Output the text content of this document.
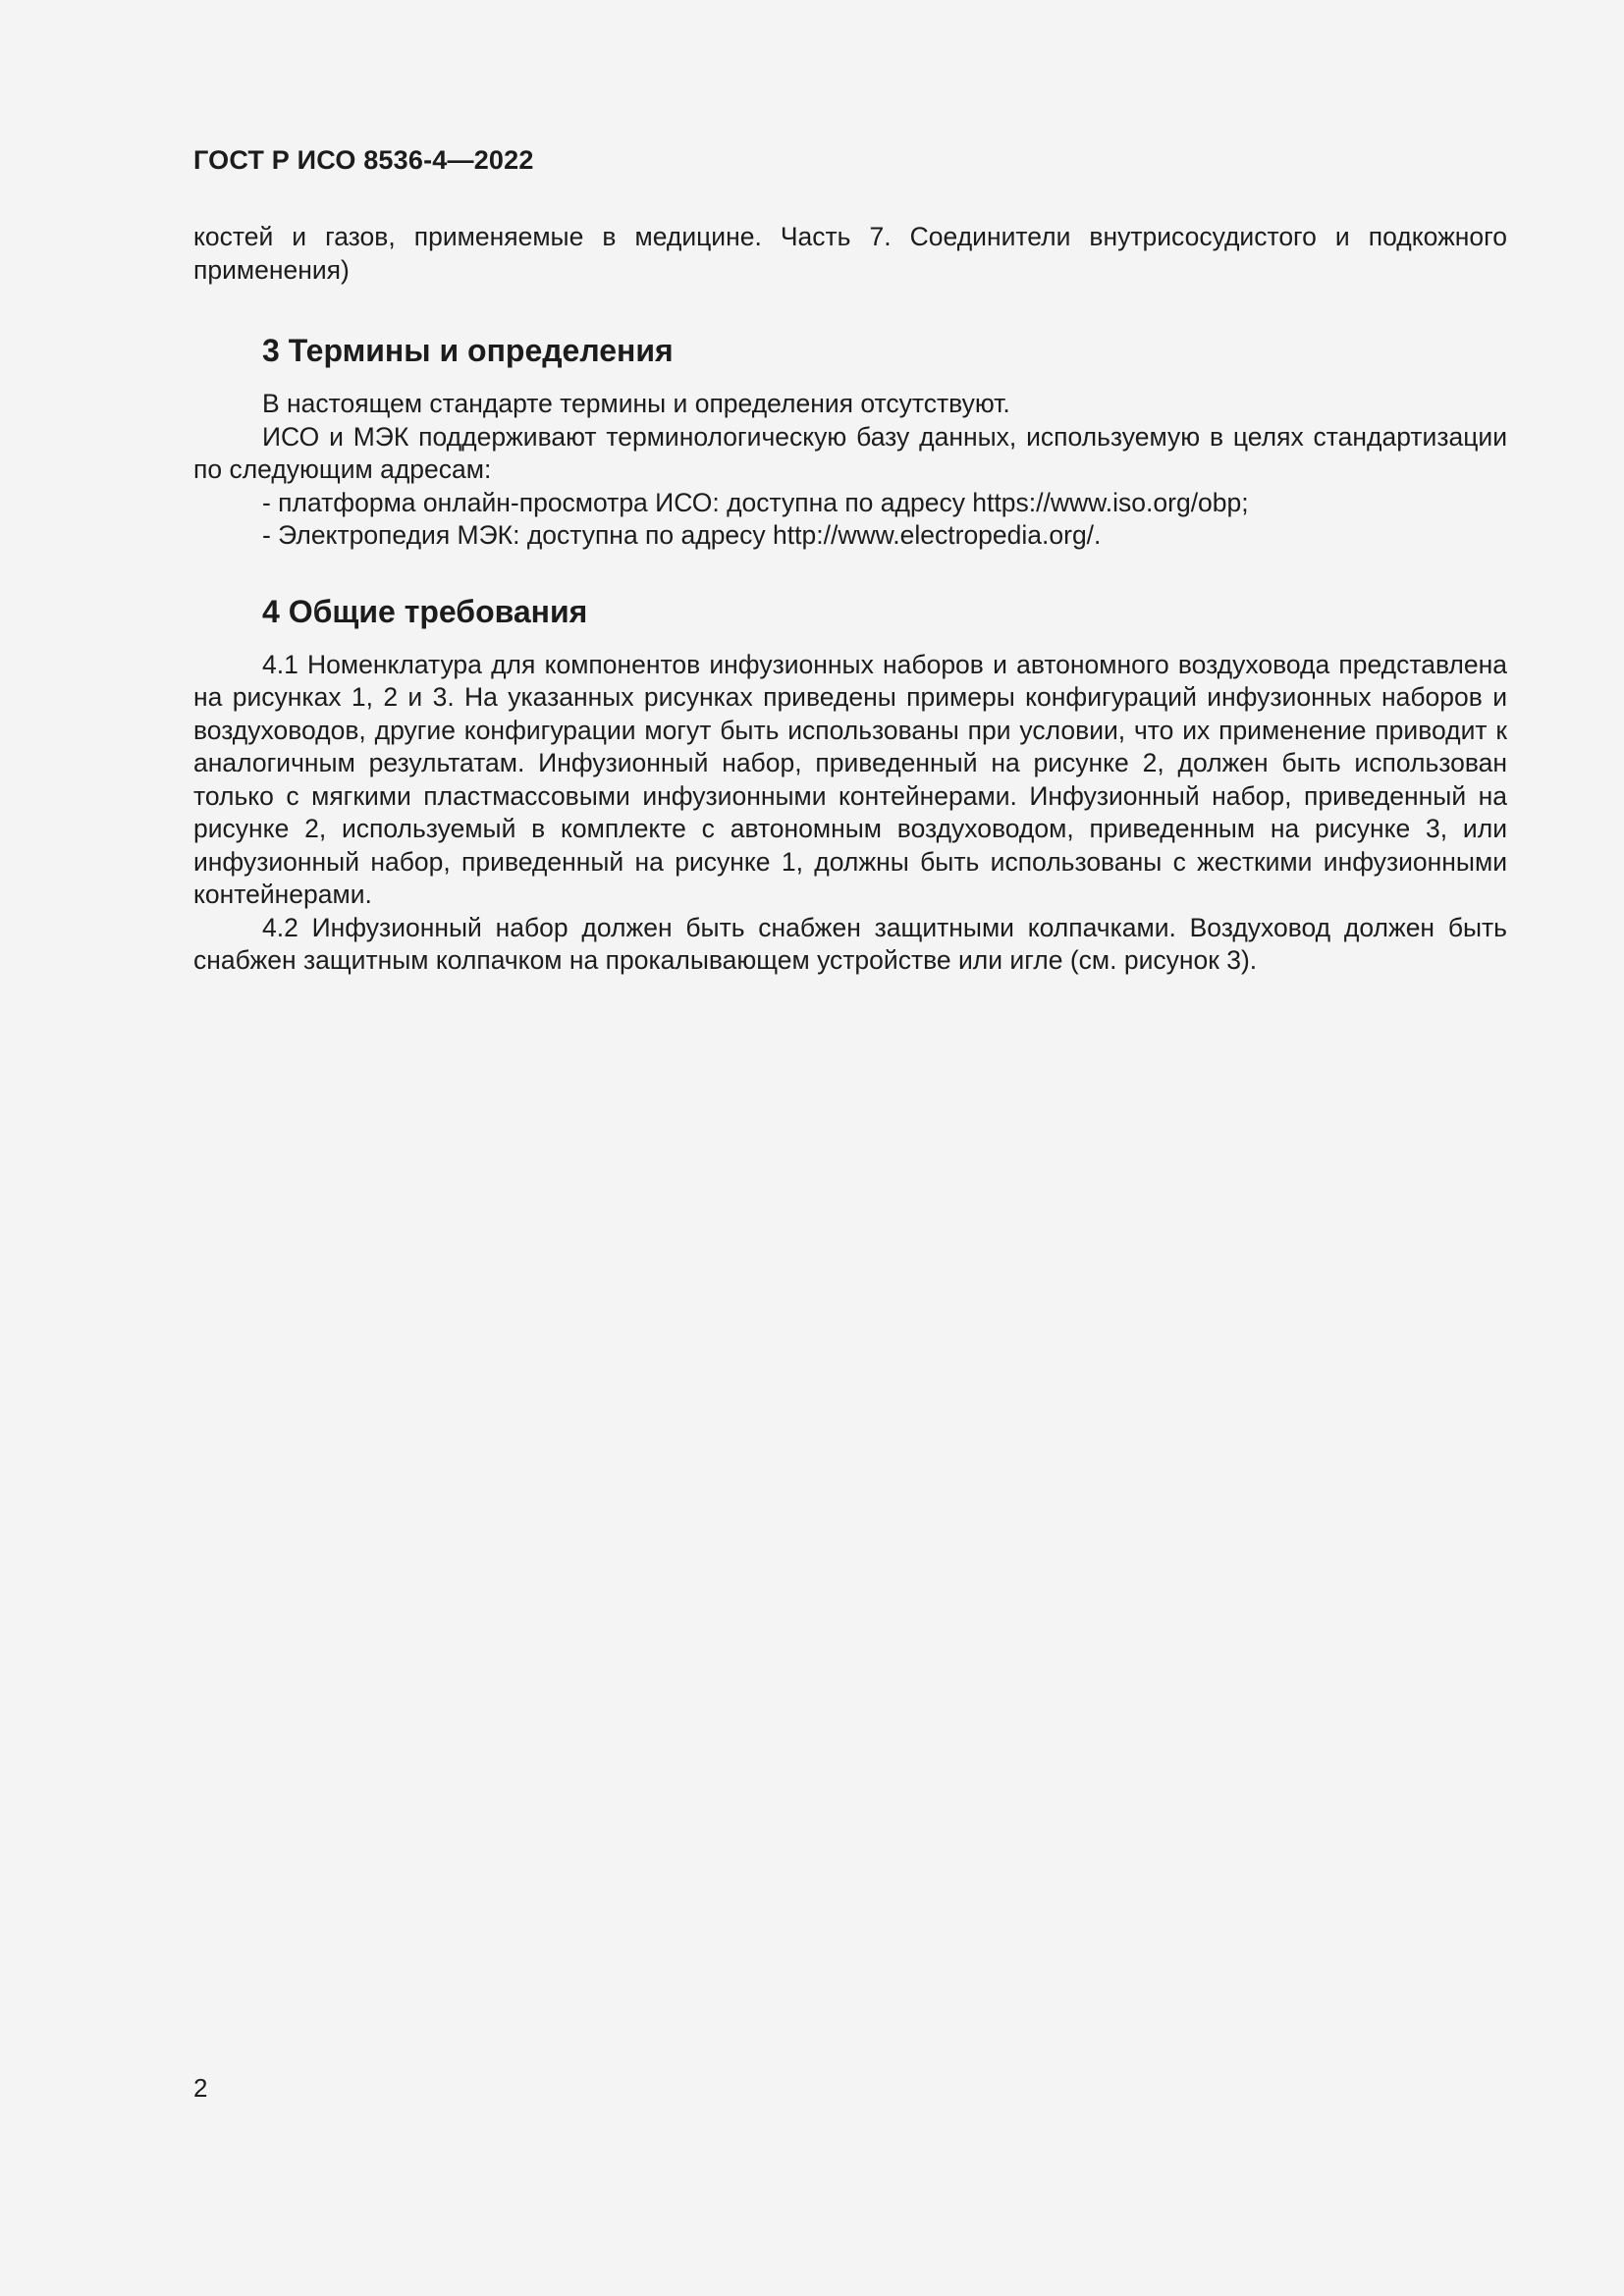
ГОСТ Р ИСО 8536-4—2022

костей и газов, применяемые в медицине. Часть 7. Соединители внутрисосудистого и подкожного применения)

3 Термины и определения

В настоящем стандарте термины и определения отсутствуют.

ИСО и МЭК поддерживают терминологическую базу данных, используемую в целях стандартизации по следующим адресам:

- платформа онлайн-просмотра ИСО: доступна по адресу https://www.iso.org/obp;

- Электропедия МЭК: доступна по адресу http://www.electropedia.org/.

4 Общие требования

4.1 Номенклатура для компонентов инфузионных наборов и автономного воздуховода представлена на рисунках 1, 2 и 3. На указанных рисунках приведены примеры конфигураций инфузионных наборов и воздуховодов, другие конфигурации могут быть использованы при условии, что их применение приводит к аналогичным результатам. Инфузионный набор, приведенный на рисунке 2, должен быть использован только с мягкими пластмассовыми инфузионными контейнерами. Инфузионный набор, приведенный на рисунке 2, используемый в комплекте с автономным воздуховодом, приведенным на рисунке 3, или инфузионный набор, приведенный на рисунке 1, должны быть использованы с жесткими инфузионными контейнерами.

4.2 Инфузионный набор должен быть снабжен защитными колпачками. Воздуховод должен быть снабжен защитным колпачком на прокалывающем устройстве или игле (см. рисунок 3).

2
